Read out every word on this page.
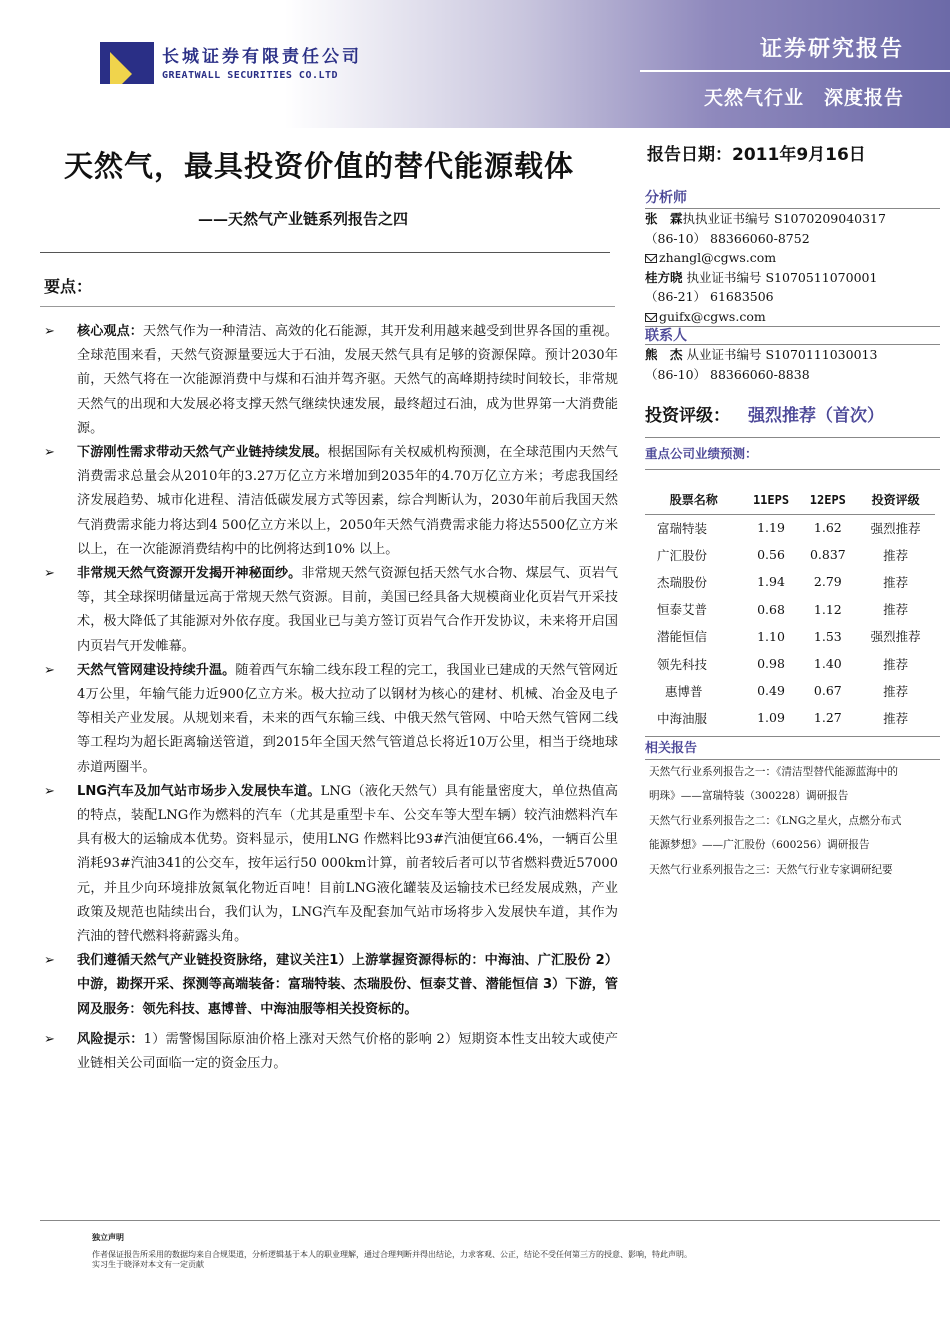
长城证券有限责任公司
GREATWALL SECURITIES CO.LTD
证券研究报告
天然气行业　深度报告
天然气，最具投资价值的替代能源载体
——天然气产业链系列报告之四
要点：
➢ 核心观点：天然气作为一种清洁、高效的化石能源，其开发利用越来越受到世界各国的重视。全球范围来看，天然气资源量要远大于石油，发展天然气具有足够的资源保障。预计2030年前，天然气将在一次能源消费中与煤和石油并驾齐驱。天然气的高峰期持续时间较长，非常规天然气的出现和大发展必将支撑天然气继续快速发展，最终超过石油，成为世界第一大消费能源。
➢ 下游刚性需求带动天然气产业链持续发展。根据国际有关权威机构预测，在全球范围内天然气消费需求总量会从2010年的3.27万亿立方米增加到2035年的4.70万亿立方米；考虑我国经济发展趋势、城市化进程、清洁低碳发展方式等因素，综合判断认为，2030年前后我国天然气消费需求能力将达到4 500亿立方米以上，2050年天然气消费需求能力将达5500亿立方米以上，在一次能源消费结构中的比例将达到10% 以上。
➢ 非常规天然气资源开发揭开神秘面纱。非常规天然气资源包括天然气水合物、煤层气、页岩气等，其全球探明储量远高于常规天然气资源。目前，美国已经具备大规模商业化页岩气开采技术，极大降低了其能源对外依存度。我国业已与美方签订页岩气合作开发协议，未来将开启国内页岩气开发帷幕。
➢ 天然气管网建设持续升温。随着西气东输二线东段工程的完工，我国业已建成的天然气管网近4万公里，年输气能力近900亿立方米。极大拉动了以钢材为核心的建材、机械、冶金及电子等相关产业发展。从规划来看，未来的西气东输三线、中俄天然气管网、中哈天然气管网二线等工程均为超长距离输送管道，到2015年全国天然气管道总长将近10万公里，相当于绕地球赤道两圈半。
➢ LNG汽车及加气站市场步入发展快车道。LNG（液化天然气）具有能量密度大，单位热值高的特点，装配LNG作为燃料的汽车（尤其是重型卡车、公交车等大型车辆）较汽油燃料汽车具有极大的运输成本优势。资料显示，使用LNG 作燃料比93#汽油便宜66.4%，一辆百公里消耗93#汽油341的公交车，按年运行50 000km计算，前者较后者可以节省燃料费近57000元，并且少向环境排放氮氧化物近百吨！目前LNG液化罐装及运输技术已经发展成熟，产业政策及规范也陆续出台，我们认为，LNG汽车及配套加气站市场将步入发展快车道，其作为汽油的替代燃料将薪露头角。
➢ 我们遵循天然气产业链投资脉络，建议关注1）上游掌握资源得标的：中海油、广汇股份 2）中游，勘探开采、探测等高端装备：富瑞特装、杰瑞股份、恒泰艾普、潜能恒信 3）下游，管网及服务：领先科技、惠博普、中海油服等相关投资标的。
➢ 风险提示：1）需警惕国际原油价格上涨对天然气价格的影响 2）短期资本性支出较大或使产业链相关公司面临一定的资金压力。
报告日期：2011年9月16日
分析师
张　霖执执业证书编号 S1070209040317
（86-10） 88366060-8752
zhangl@cgws.com
桂方晓 执业证书编号 S1070511070001
（86-21） 61683506
guifx@cgws.com
联系人
熊　杰 从业证书编号 S1070111030013
（86-10） 88366060-8838
投资评级： 强烈推荐（首次）
重点公司业绩预测：
股票名称	11EPS	12EPS	投资评级
富瑞特装	1.19	1.62	强烈推荐
广汇股份	0.56	0.837	推荐
杰瑞股份	1.94	2.79	推荐
恒泰艾普	0.68	1.12	推荐
潜能恒信	1.10	1.53	强烈推荐
领先科技	0.98	1.40	推荐
惠博普	0.49	0.67	推荐
中海油服	1.09	1.27	推荐
相关报告
天然气行业系列报告之一：《清洁型替代能源蓝海中的
明珠》——富瑞特装（300228）调研报告
天然气行业系列报告之二：《LNG之星火，点燃分布式
能源梦想》——广汇股份（600256）调研报告
天然气行业系列报告之三：天然气行业专家调研纪要
独立声明
作者保证报告所采用的数据均来自合规渠道，分析逻辑基于本人的职业理解，通过合理判断并得出结论，力求客观、公正，结论不受任何第三方的授意、影响，特此声明。
实习生于晓泽对本文有一定贡献
